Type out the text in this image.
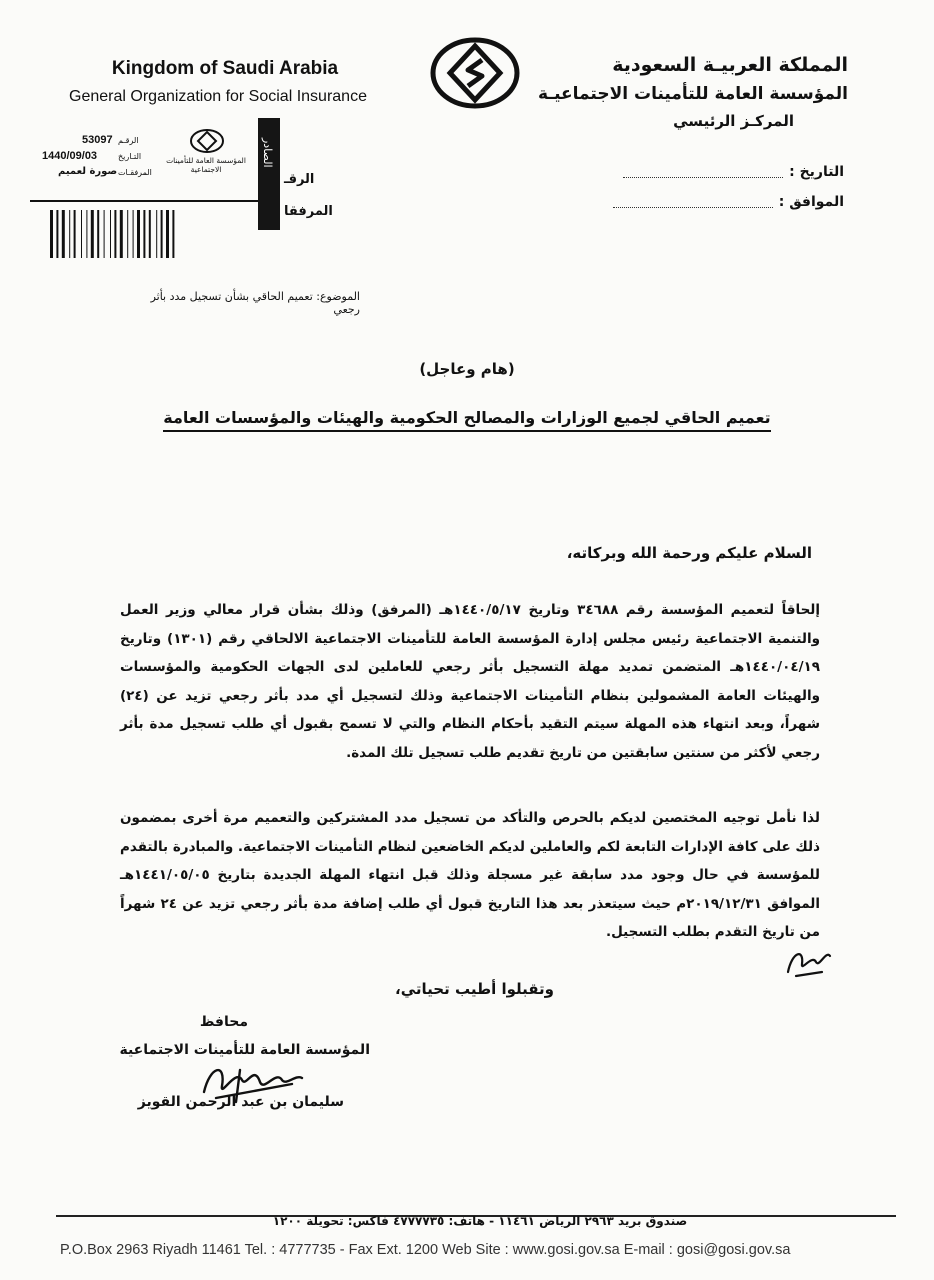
Kingdom of Saudi Arabia
General Organization for Social Insurance
المملكة العربيـة السعودية
المؤسسة العامة للتأمينات الاجتماعيـة
المركـز الرئيسي
التاريخ :
الموافق :
53097 الرقـم
1440/09/03	التـاريخ
صورة لعميم المرفقـات
المؤسسة العامة للتأمينات الاجتماعية
الصادر
الرقـ
المرفقا
الموضوع: تعميم الحاقي بشأن تسجيل مدد بأثر رجعي
(هام وعاجل)
تعميم الحاقي لجميع الوزارات والمصالح الحكومية والهيئات والمؤسسات العامة
السلام عليكم ورحمة الله وبركاته،
إلحاقاً لتعميم المؤسسة رقم ٣٤٦٨٨ وتاريخ ١٤٤٠/٥/١٧هـ (المرفق) وذلك بشأن قرار معالي وزير العمل والتنمية الاجتماعية رئيس مجلس إدارة المؤسسة العامة للتأمينات الاجتماعية الالحاقي رقم (١٣٠١) وتاريخ ١٤٤٠/٠٤/١٩هـ المتضمن تمديد مهلة التسجيل بأثر رجعي للعاملين لدى الجهات الحكومية والمؤسسات والهيئات العامة المشمولين بنظام التأمينات الاجتماعية وذلك لتسجيل أي مدد بأثر رجعي تزيد عن (٢٤) شهراً، وبعد انتهاء هذه المهلة سيتم التقيد بأحكام النظام والتي لا تسمح بقبول أي طلب تسجيل مدة بأثر رجعي لأكثر من سنتين سابقتين من تاريخ تقديم طلب تسجيل تلك المدة.
لذا نأمل توجيه المختصين لديكم بالحرص والتأكد من تسجيل مدد المشتركين والتعميم مرة أخرى بمضمون ذلك على كافة الإدارات التابعة لكم والعاملين لديكم الخاضعين لنظام التأمينات الاجتماعية. والمبادرة بالتقدم للمؤسسة في حال وجود مدد سابقة غير مسجلة وذلك قبل انتهاء المهلة الجديدة بتاريخ ١٤٤١/٠٥/٠٥هـ الموافق ٢٠١٩/١٢/٣١م حيث سيتعذر بعد هذا التاريخ قبول أي طلب إضافة مدة بأثر رجعي تزيد عن ٢٤ شهراً من تاريخ التقدم بطلب التسجيل.
وتقبلوا أطيب تحياتي،
محافظ
المؤسسة العامة للتأمينات الاجتماعية
سليمان بن عبد الرحمن القويز
صندوق بريد ٢٩٦٣ الرياض ١١٤٦١ - هاتف: ٤٧٧٧٧٣٥ فاكس: تحويلة ١٢٠٠
P.O.Box 2963 Riyadh 11461 Tel. : 4777735 - Fax Ext. 1200 Web Site : www.gosi.gov.sa E-mail : gosi@gosi.gov.sa
